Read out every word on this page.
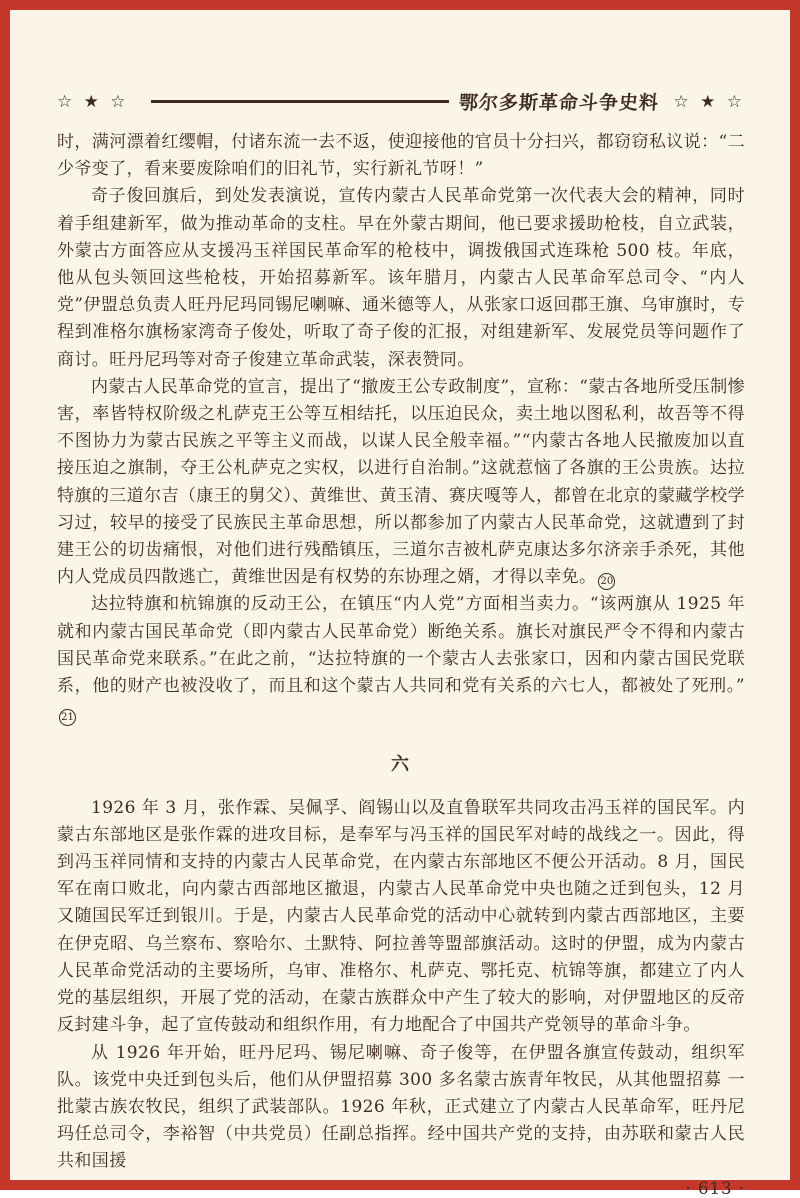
☆ ★ ☆	鄂尔多斯革命斗争史料 ☆ ★ ☆

时，满河漂着红缨帽，付诸东流一去不返，使迎接他的官员十分扫兴，都窃窃私议说：“二少爷变了，看来要废除咱们的旧礼节，实行新礼节呀！”

奇子俊回旗后，到处发表演说，宣传内蒙古人民革命党第一次代表大会的精神，同时着手组建新军，做为推动革命的支柱。早在外蒙古期间，他已要求援助枪枝，自立武装，外蒙古方面答应从支援冯玉祥国民革命军的枪枝中，调拨俄国式连珠枪 500 枝。年底，他从包头领回这些枪枝，开始招募新军。该年腊月，内蒙古人民革命军总司令、“内人党”伊盟总负责人旺丹尼玛同锡尼喇嘛、通米德等人，从张家口返回郡王旗、乌审旗时，专程到准格尔旗杨家湾奇子俊处，听取了奇子俊的汇报，对组建新军、发展党员等问题作了商讨。旺丹尼玛等对奇子俊建立革命武装，深表赞同。

内蒙古人民革命党的宣言，提出了“撤废王公专政制度”，宣称：“蒙古各地所受压制惨害，率皆特权阶级之札萨克王公等互相结托，以压迫民众，卖土地以图私利，故吾等不得不图协力为蒙古民族之平等主义而战，以谋人民全般幸福。”“内蒙古各地人民撤废加以直接压迫之旗制，夺王公札萨克之实权，以进行自治制。”这就惹恼了各旗的王公贵族。达拉特旗的三道尔吉（康王的舅父）、黄维世、黄玉清、赛庆嘎等人，都曾在北京的蒙藏学校学习过，较早的接受了民族民主革命思想，所以都参加了内蒙古人民革命党，这就遭到了封建王公的切齿痛恨，对他们进行残酷镇压，三道尔吉被札萨克康达多尔济亲手杀死，其他内人党成员四散逃亡，黄维世因是有权势的东协理之婿，才得以幸免。 20

达拉特旗和杭锦旗的反动王公，在镇压“内人党”方面相当卖力。“该两旗从 1925 年就和内蒙古国民革命党（即内蒙古人民革命党）断绝关系。旗长对旗民严令不得和内蒙古国民革命党来联系。”在此之前，“达拉特旗的一个蒙古人去张家口，因和内蒙古国民党联系，他的财产也被没收了，而且和这个蒙古人共同和党有关系的六七人，都被处了死刑。”21

六

1926 年 3 月，张作霖、吴佩孚、阎锡山以及直鲁联军共同攻击冯玉祥的国民军。内蒙古东部地区是张作霖的进攻目标，是奉军与冯玉祥的国民军对峙的战线之一。因此，得到冯玉祥同情和支持的内蒙古人民革命党，在内蒙古东部地区不便公开活动。8 月，国民军在南口败北，向内蒙古西部地区撤退，内蒙古人民革命党中央也随之迁到包头，12 月又随国民军迁到银川。于是，内蒙古人民革命党的活动中心就转到内蒙古西部地区，主要在伊克昭、乌兰察布、察哈尔、土默特、阿拉善等盟部旗活动。这时的伊盟，成为内蒙古人民革命党活动的主要场所，乌审、准格尔、札萨克、鄂托克、杭锦等旗，都建立了内人党的基层组织，开展了党的活动，在蒙古族群众中产生了较大的影响，对伊盟地区的反帝反封建斗争，起了宣传鼓动和组织作用，有力地配合了中国共产党领导的革命斗争。

从 1926 年开始，旺丹尼玛、锡尼喇嘛、奇子俊等，在伊盟各旗宣传鼓动，组织军队。该党中央迁到包头后，他们从伊盟招募 300 多名蒙古族青年牧民，从其他盟招募 一批蒙古族农牧民，组织了武装部队。1926 年秋，正式建立了内蒙古人民革命军，旺丹尼玛任总司令，李裕智（中共党员）任副总指挥。经中国共产党的支持，由苏联和蒙古人民共和国援

· 613 ·
